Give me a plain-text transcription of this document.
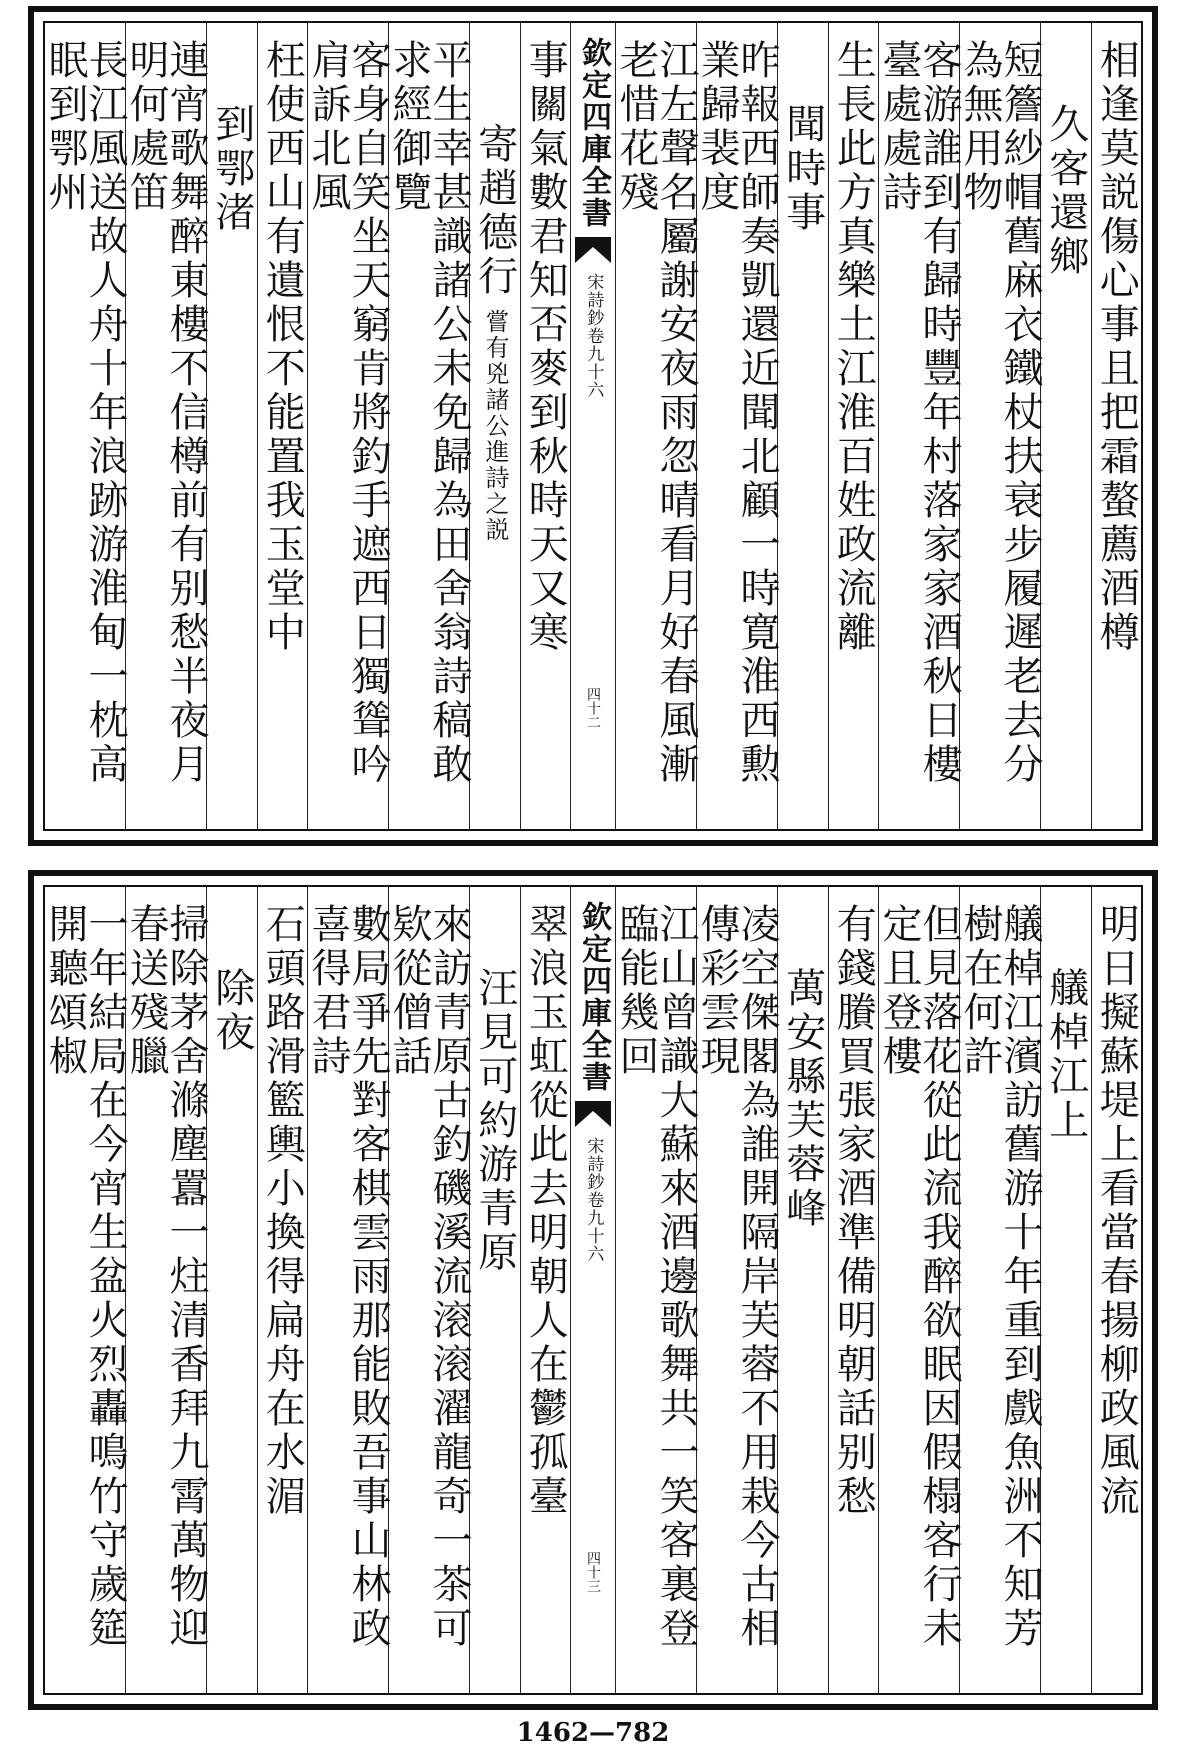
相逢莫説傷心事且把霜螯薦酒樽
久客還鄉
短簷紗帽舊麻衣鐵杖扶衰步履遲老去分為無用物
客游誰到有歸時豐年村落家家酒秋日樓臺處處詩
生長此方真樂土江淮百姓政流離
聞時事
昨報西師奏凱還近聞北顧一時寛淮西勲業歸裴度
江左聲名屬謝安夜雨忽晴看月好春風漸老惜花殘
欽定四庫全書
宋詩鈔卷九十六
四十二
事關氣數君知否麥到秋時天又寒
寄趙德行
嘗有兇諸公進詩之説
平生幸甚識諸公未免歸為田舍翁詩稿敢求經御覽
客身自笑坐天窮肯將釣手遮西日獨聳吟肩訴北風
枉使西山有遺恨不能置我玉堂中
到鄂渚
連宵歌舞醉東樓不信樽前有别愁半夜月明何處笛
長江風送故人舟十年浪跡游淮甸一枕高眠到鄂州
明日擬蘇堤上看當春揚柳政風流
艤棹江上
艤棹江濱訪舊游十年重到戲魚洲不知芳樹在何許
但見落花從此流我醉欲眠因假榻客行未定且登樓
有錢賸買張家酒準備明朝話别愁
萬安縣芙蓉峰
凌空傑閣為誰開隔岸芙蓉不用栽今古相傳彩雲現
江山曾識大蘇來酒邊歌舞共一笑客裏登臨能幾回
欽定四庫全書
宋詩鈔卷九十六
四十三
翠浪玉虹從此去明朝人在鬱孤臺
汪見可約游青原
來訪青原古釣磯溪流滚滚濯龍奇一茶可欵從僧話
數局爭先對客棋雲雨那能敗吾事山林政喜得君詩
石頭路滑籃輿小換得扁舟在水湄
除夜
掃除茅舍滌塵囂一炷清香拜九霄萬物迎春送殘臘
一年結局在今宵生盆火烈轟鳴竹守歲筵開聽頌椒
1462—782
